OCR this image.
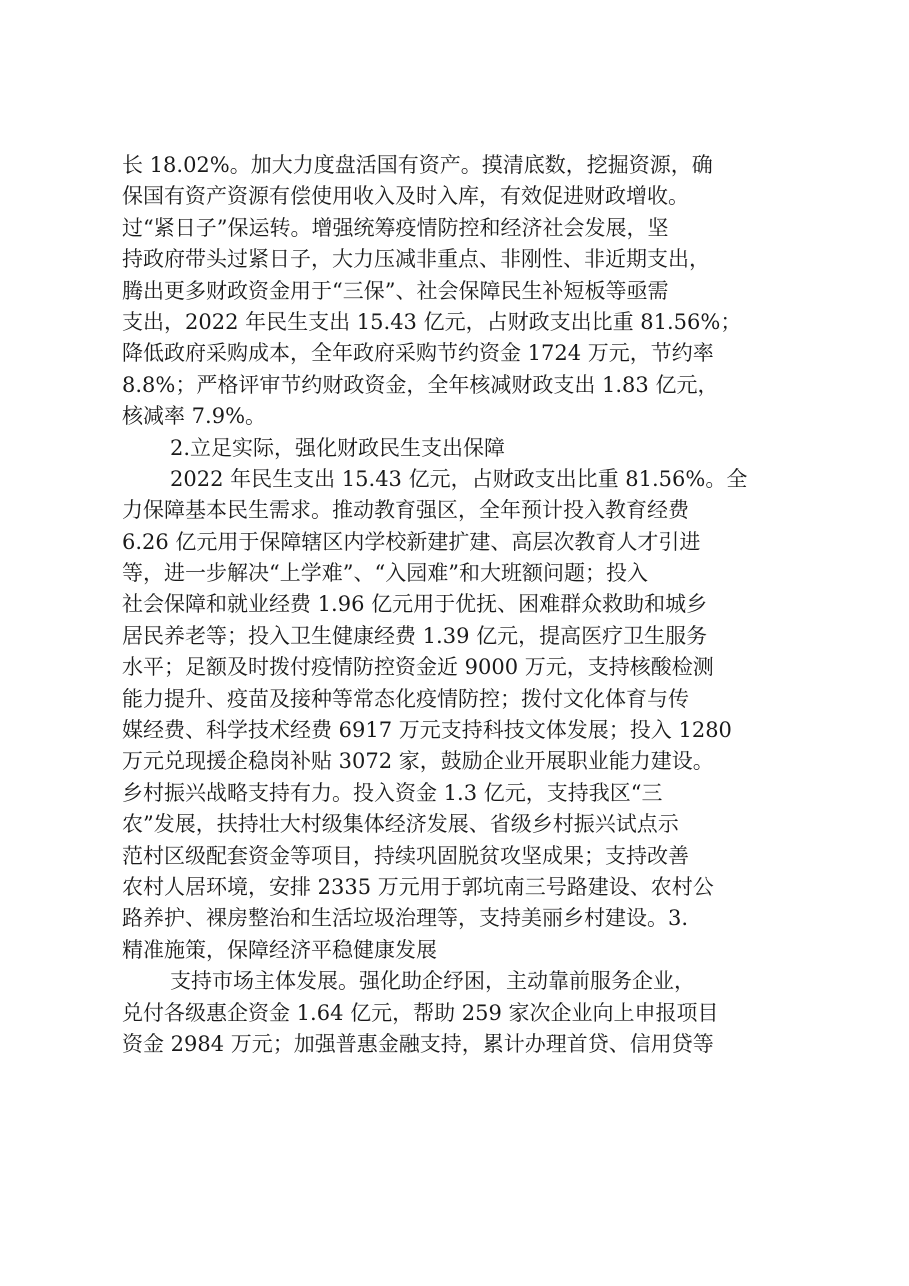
长 18.02%。加大力度盘活国有资产。摸清底数，挖掘资源，确
保国有资产资源有偿使用收入及时入库，有效促进财政增收。
过“紧日子”保运转。增强统筹疫情防控和经济社会发展，坚
持政府带头过紧日子，大力压减非重点、非刚性、非近期支出，
腾出更多财政资金用于“三保”、社会保障民生补短板等亟需
支出，2022 年民生支出 15.43 亿元，占财政支出比重 81.56%；
降低政府采购成本，全年政府采购节约资金 1724 万元，节约率
8.8%；严格评审节约财政资金，全年核减财政支出 1.83 亿元，
核减率 7.9%。
2.立足实际，强化财政民生支出保障
2022 年民生支出 15.43 亿元，占财政支出比重 81.56%。全
力保障基本民生需求。推动教育强区，全年预计投入教育经费
6.26 亿元用于保障辖区内学校新建扩建、高层次教育人才引进
等，进一步解决“上学难”、“入园难”和大班额问题；投入
社会保障和就业经费 1.96 亿元用于优抚、困难群众救助和城乡
居民养老等；投入卫生健康经费 1.39 亿元，提高医疗卫生服务
水平；足额及时拨付疫情防控资金近 9000 万元，支持核酸检测
能力提升、疫苗及接种等常态化疫情防控；拨付文化体育与传
媒经费、科学技术经费 6917 万元支持科技文体发展；投入 1280
万元兑现援企稳岗补贴 3072 家，鼓励企业开展职业能力建设。
乡村振兴战略支持有力。投入资金 1.3 亿元，支持我区“三
农”发展，扶持壮大村级集体经济发展、省级乡村振兴试点示
范村区级配套资金等项目，持续巩固脱贫攻坚成果；支持改善
农村人居环境，安排 2335 万元用于郭坑南三号路建设、农村公
路养护、裸房整治和生活垃圾治理等，支持美丽乡村建设。3.
精准施策，保障经济平稳健康发展
支持市场主体发展。强化助企纾困，主动靠前服务企业，
兑付各级惠企资金 1.64 亿元，帮助 259 家次企业向上申报项目
资金 2984 万元；加强普惠金融支持，累计办理首贷、信用贷等
